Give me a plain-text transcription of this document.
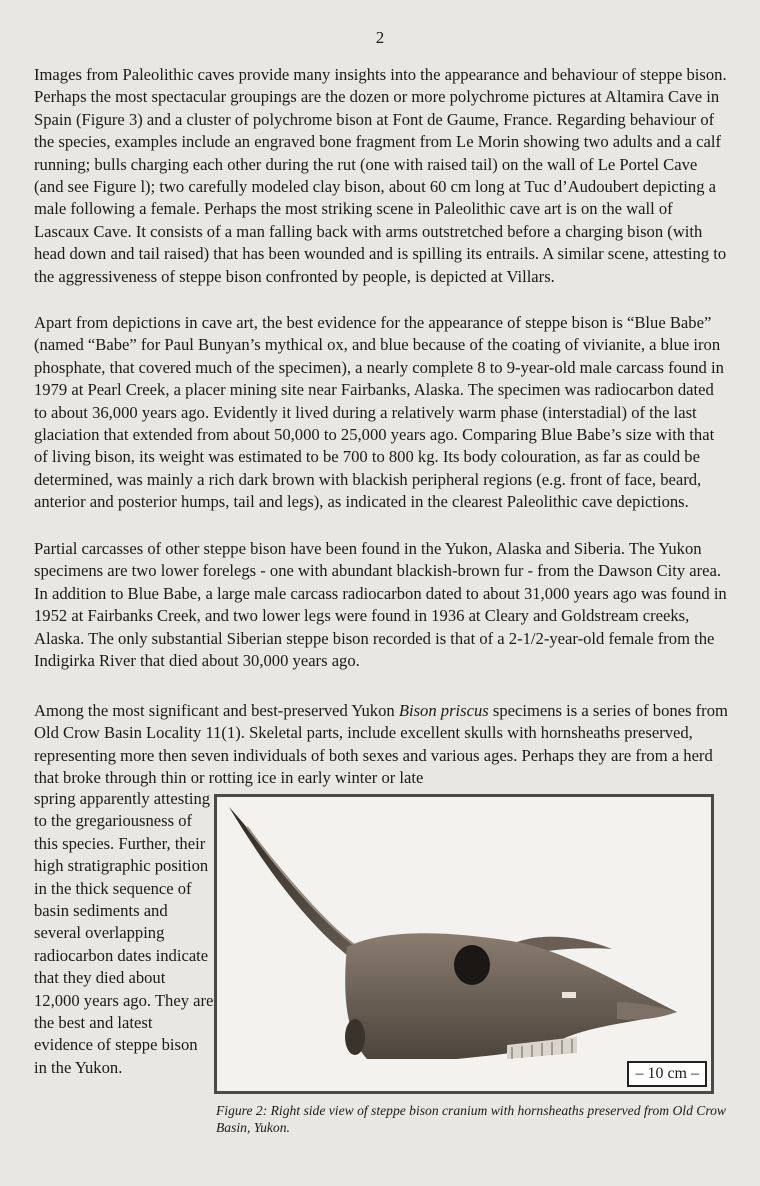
2

Images from Paleolithic caves provide many insights into the appearance and behaviour of steppe bison. Perhaps the most spectacular groupings are the dozen or more polychrome pictures at Altamira Cave in Spain (Figure 3) and a cluster of polychrome bison at Font de Gaume, France. Regarding behaviour of the species, examples include an engraved bone fragment from Le Morin showing two adults and a calf running; bulls charging each other during the rut (one with raised tail) on the wall of Le Portel Cave (and see Figure l); two carefully modeled clay bison, about 60 cm long at Tuc d’Audoubert depicting a male following a female. Perhaps the most striking scene in Paleolithic cave art is on the wall of Lascaux Cave. It consists of a man falling back with arms outstretched before a charging bison (with head down and tail raised) that has been wounded and is spilling its entrails. A similar scene, attesting to the aggressiveness of steppe bison confronted by people, is depicted at Villars.

Apart from depictions in cave art, the best evidence for the appearance of steppe bison is “Blue Babe” (named “Babe” for Paul Bunyan’s mythical ox, and blue because of the coating of vivianite, a blue iron phosphate, that covered much of the specimen), a nearly complete 8 to 9-year-old male carcass found in 1979 at Pearl Creek, a placer mining site near Fairbanks, Alaska. The specimen was radiocarbon dated to about 36,000 years ago. Evidently it lived during a relatively warm phase (interstadial) of the last glaciation that extended from about 50,000 to 25,000 years ago. Comparing Blue Babe’s size with that of living bison, its weight was estimated to be 700 to 800 kg. Its body colouration, as far as could be determined, was mainly a rich dark brown with blackish peripheral regions (e.g. front of face, beard, anterior and posterior humps, tail and legs), as indicated in the clearest Paleolithic cave depictions.

Partial carcasses of other steppe bison have been found in the Yukon, Alaska and Siberia. The Yukon specimens are two lower forelegs - one with abundant blackish-brown fur - from the Dawson City area. In addition to Blue Babe, a large male carcass radiocarbon dated to about 31,000 years ago was found in 1952 at Fairbanks Creek, and two lower legs were found in 1936 at Cleary and Goldstream creeks, Alaska. The only substantial Siberian steppe bison recorded is that of a 2-1/2-year-old female from the Indigirka River that died about 30,000 years ago.

Among the most significant and best-preserved Yukon Bison priscus specimens is a series of bones from Old Crow Basin Locality 11(1). Skeletal parts, include excellent skulls with hornsheaths preserved, representing more then seven individuals of both sexes and various ages. Perhaps they are from a herd that broke through thin or rotting ice in early winter or late

spring apparently attesting to the gregariousness of this species. Further, their high stratigraphic position in the thick sequence of basin sediments and several overlapping radiocarbon dates indicate that they died about 12,000 years ago. They are the best and latest evidence of steppe bison in the Yukon.	– 10 cm –
Figure 2: Right side view of steppe bison cranium with hornsheaths preserved from Old Crow Basin, Yukon.
